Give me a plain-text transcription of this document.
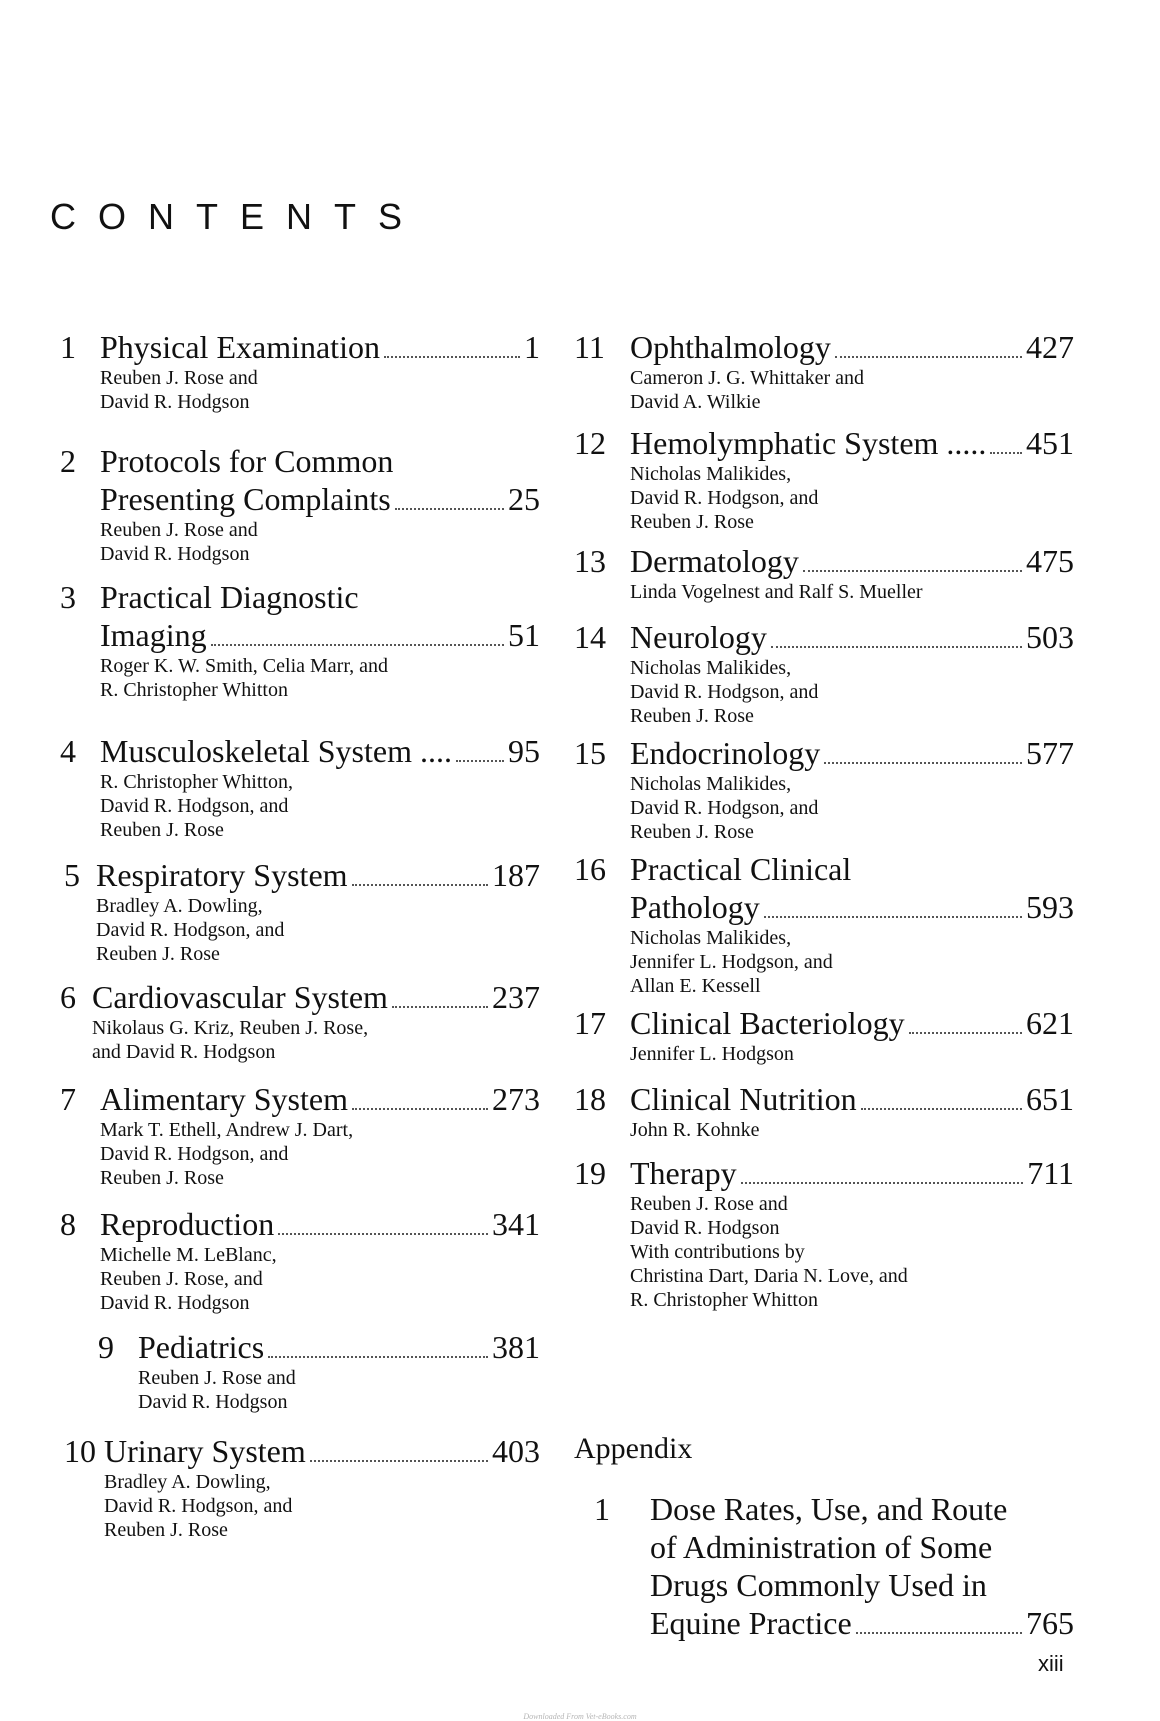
CONTENTS
1 Physical Examination	1
Reuben J. Rose and
David R. Hodgson
2 Protocols for Common
Presenting Complaints	25
Reuben J. Rose and
David R. Hodgson
3 Practical Diagnostic
Imaging	51
Roger K. W. Smith, Celia Marr, and
R. Christopher Whitton
4 Musculoskeletal System .... 95
R. Christopher Whitton,
David R. Hodgson, and
Reuben J. Rose
5 Respiratory System	187
Bradley A. Dowling,
David R. Hodgson, and
Reuben J. Rose
6 Cardiovascular System	237
Nikolaus G. Kriz, Reuben J. Rose,
and David R. Hodgson
7 Alimentary System	273
Mark T. Ethell, Andrew J. Dart,
David R. Hodgson, and
Reuben J. Rose
8 Reproduction	341
Michelle M. LeBlanc,
Reuben J. Rose, and
David R. Hodgson
9 Pediatrics	381
Reuben J. Rose and
David R. Hodgson
10 Urinary System	403
Bradley A. Dowling,
David R. Hodgson, and
Reuben J. Rose
11 Ophthalmology	427
Cameron J. G. Whittaker and
David A. Wilkie
12 Hemolymphatic System ..... 451
Nicholas Malikides,
David R. Hodgson, and
Reuben J. Rose
13 Dermatology	475
Linda Vogelnest and Ralf S. Mueller
14 Neurology	503
Nicholas Malikides,
David R. Hodgson, and
Reuben J. Rose
15 Endocrinology	577
Nicholas Malikides,
David R. Hodgson, and
Reuben J. Rose
16 Practical Clinical
Pathology	593
Nicholas Malikides,
Jennifer L. Hodgson, and
Allan E. Kessell
17 Clinical Bacteriology	621
Jennifer L. Hodgson
18 Clinical Nutrition	651
John R. Kohnke
19 Therapy	711
Reuben J. Rose and
David R. Hodgson
With contributions by
Christina Dart, Daria N. Love, and
R. Christopher Whitton
Appendix
1	Dose Rates, Use, and Route
of Administration of Some
Drugs Commonly Used in
Equine Practice	765
xiii
Downloaded From Vet-eBooks.com
